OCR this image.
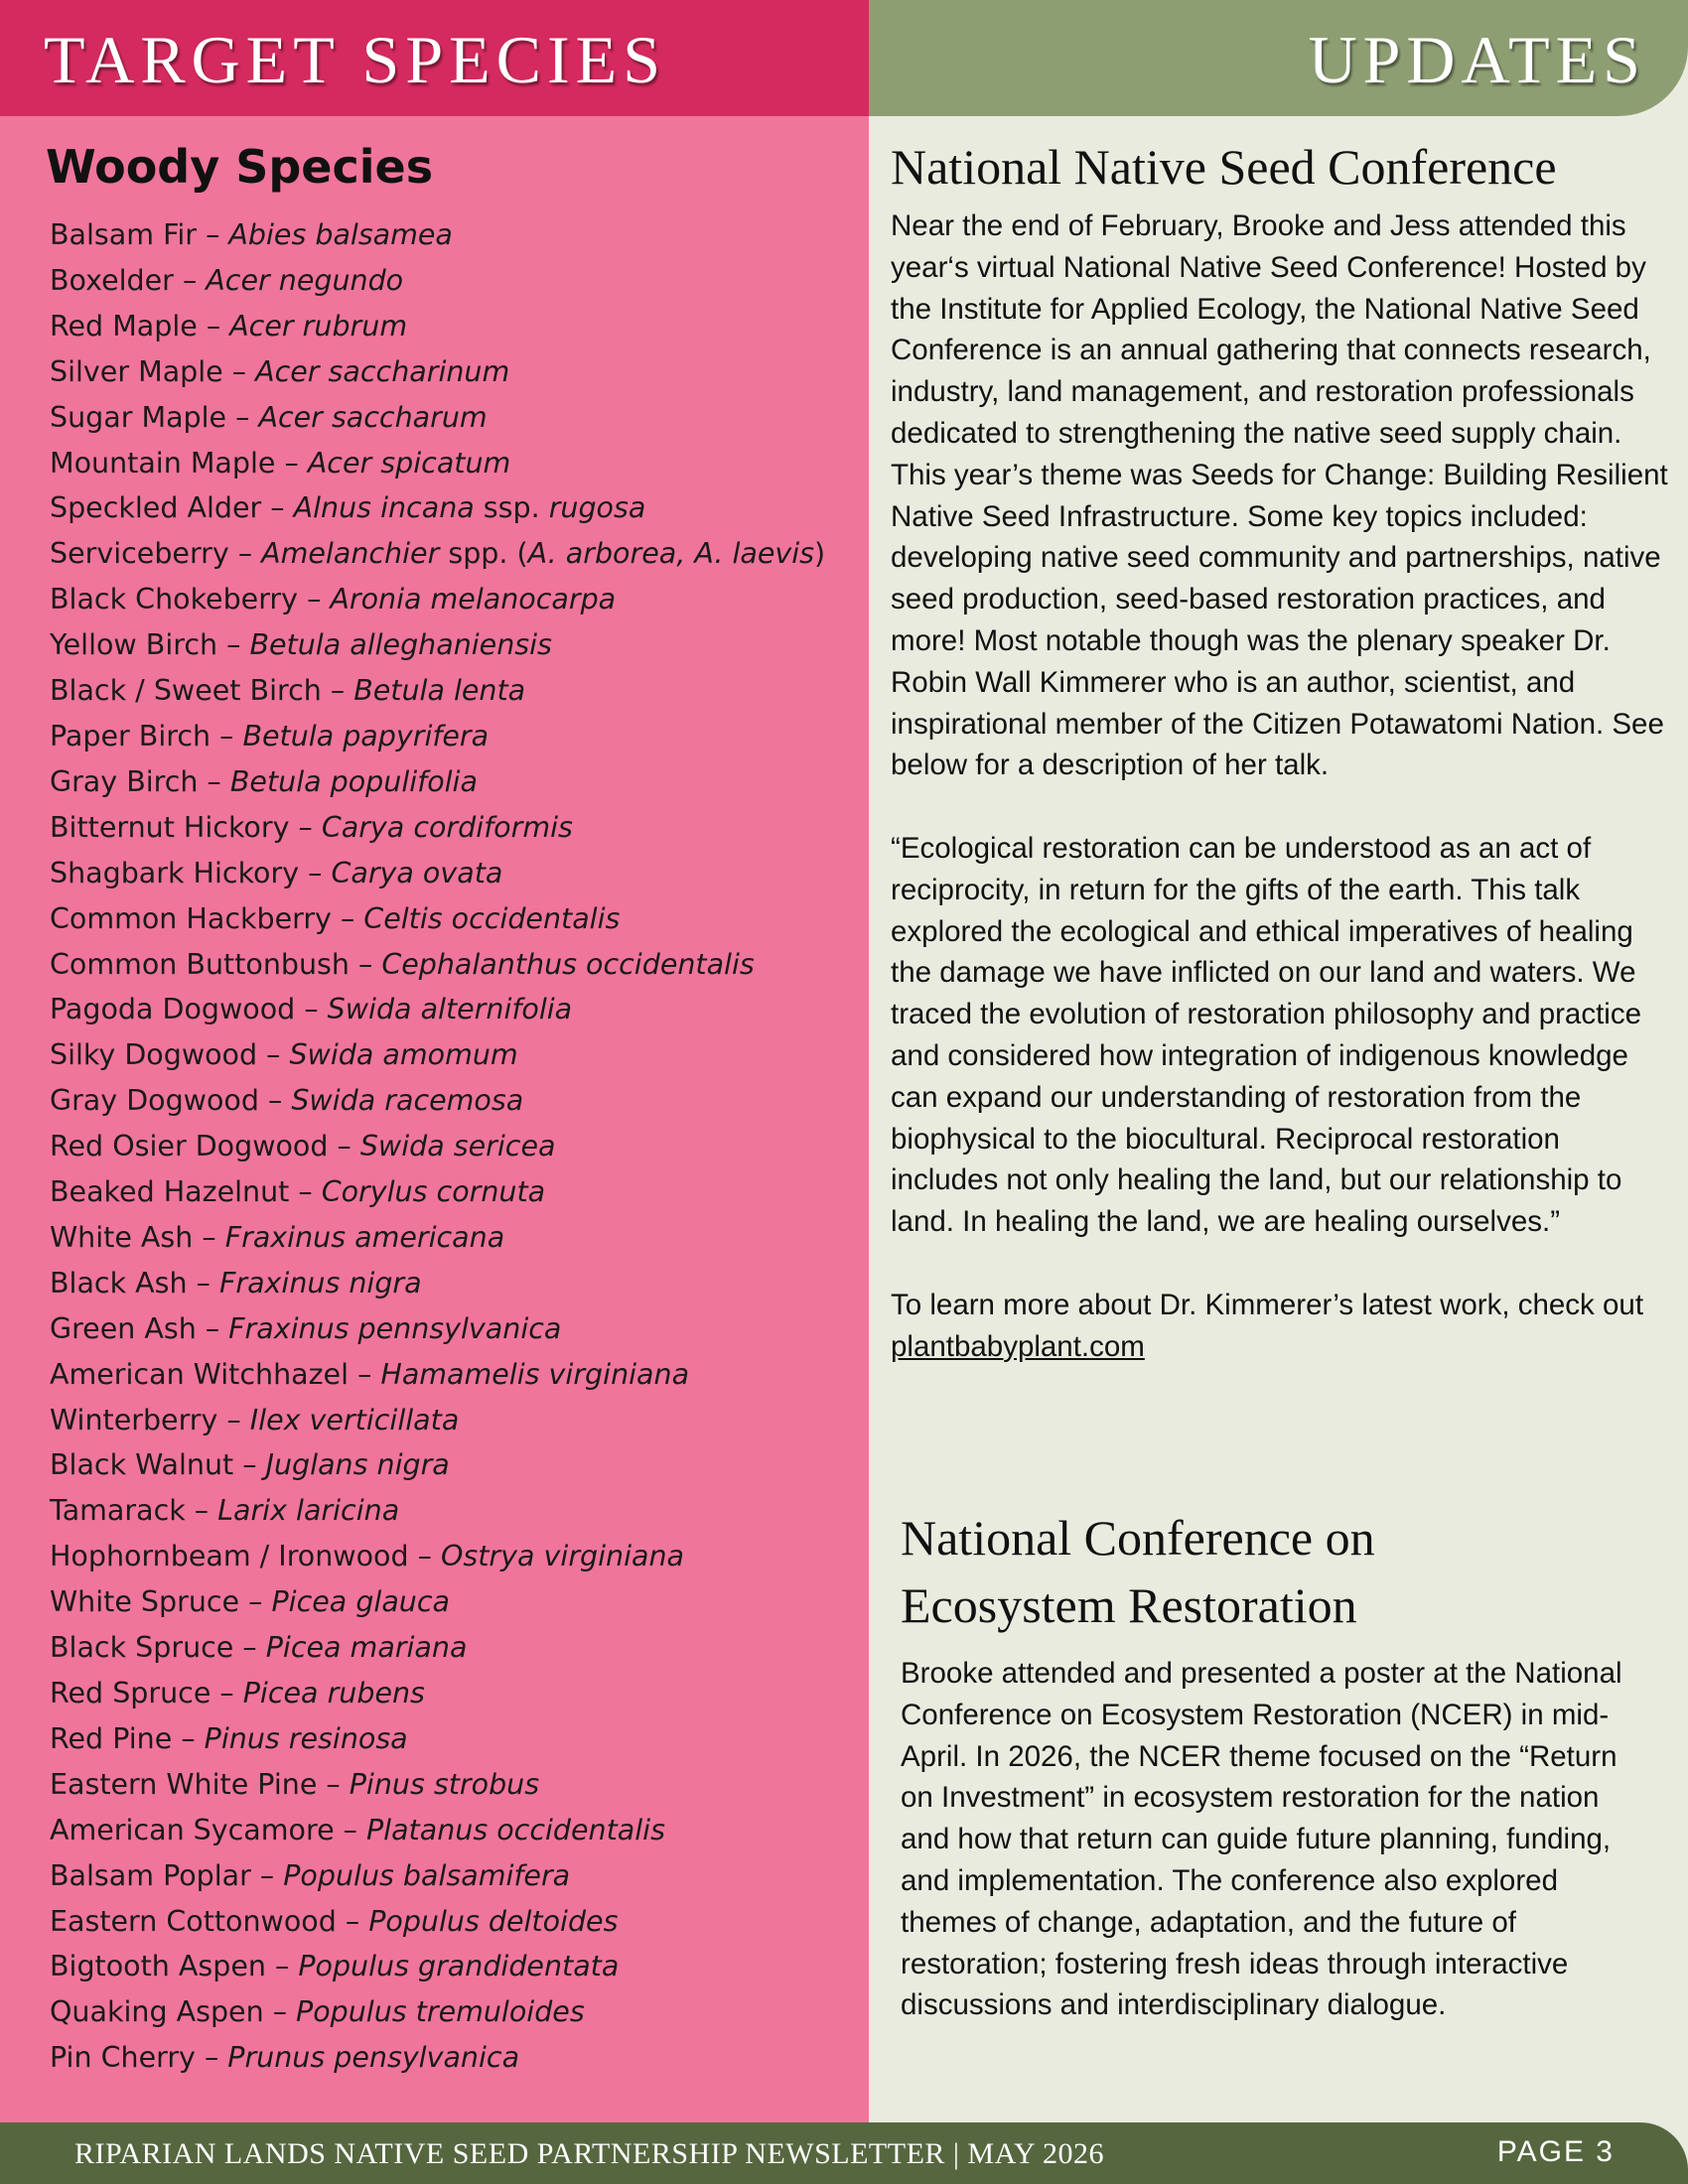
TARGET SPECIES	UPDATES
Woody Species
Balsam Fir – Abies balsamea
Boxelder – Acer negundo
Red Maple – Acer rubrum
Silver Maple – Acer saccharinum
Sugar Maple – Acer saccharum
Mountain Maple – Acer spicatum
Speckled Alder – Alnus incana ssp. rugosa
Serviceberry – Amelanchier spp. (A. arborea, A. laevis)
Black Chokeberry – Aronia melanocarpa
Yellow Birch – Betula alleghaniensis
Black / Sweet Birch – Betula lenta
Paper Birch – Betula papyrifera
Gray Birch – Betula populifolia
Bitternut Hickory – Carya cordiformis
Shagbark Hickory – Carya ovata
Common Hackberry – Celtis occidentalis
Common Buttonbush – Cephalanthus occidentalis
Pagoda Dogwood – Swida alternifolia
Silky Dogwood – Swida amomum
Gray Dogwood – Swida racemosa
Red Osier Dogwood – Swida sericea
Beaked Hazelnut – Corylus cornuta
White Ash – Fraxinus americana
Black Ash – Fraxinus nigra
Green Ash – Fraxinus pennsylvanica
American Witchhazel – Hamamelis virginiana
Winterberry – Ilex verticillata
Black Walnut – Juglans nigra
Tamarack – Larix laricina
Hophornbeam / Ironwood – Ostrya virginiana
White Spruce – Picea glauca
Black Spruce – Picea mariana
Red Spruce – Picea rubens
Red Pine – Pinus resinosa
Eastern White Pine – Pinus strobus
American Sycamore – Platanus occidentalis
Balsam Poplar – Populus balsamifera
Eastern Cottonwood – Populus deltoides
Bigtooth Aspen – Populus grandidentata
Quaking Aspen – Populus tremuloides
Pin Cherry – Prunus pensylvanica
National Native Seed Conference

Near the end of February, Brooke and Jess attended this year‘s virtual National Native Seed Conference! Hosted by the Institute for Applied Ecology, the National Native Seed Conference is an annual gathering that connects research, industry, land management, and restoration professionals dedicated to strengthening the native seed supply chain. This year’s theme was Seeds for Change: Building Resilient Native Seed Infrastructure. Some key topics included: developing native seed community and partnerships, native seed production, seed-based restoration practices, and more! Most notable though was the plenary speaker Dr. Robin Wall Kimmerer who is an author, scientist, and inspirational member of the Citizen Potawatomi Nation. See below for a description of her talk.

“Ecological restoration can be understood as an act of reciprocity, in return for the gifts of the earth. This talk explored the ecological and ethical imperatives of healing the damage we have inflicted on our land and waters. We traced the evolution of restoration philosophy and practice and considered how integration of indigenous knowledge can expand our understanding of restoration from the biophysical to the biocultural. Reciprocal restoration includes not only healing the land, but our relationship to land. In healing the land, we are healing ourselves.”

To learn more about Dr. Kimmerer’s latest work, check out plantbabyplant.com

National Conference on
Ecosystem Restoration

Brooke attended and presented a poster at the National Conference on Ecosystem Restoration (NCER) in mid-April. In 2026, the NCER theme focused on the “Return on Investment” in ecosystem restoration for the nation and how that return can guide future planning, funding, and implementation. The conference also explored themes of change, adaptation, and the future of restoration; fostering fresh ideas through interactive discussions and interdisciplinary dialogue.

RIPARIAN LANDS NATIVE SEED PARTNERSHIP NEWSLETTER | MAY 2026	PAGE 3
